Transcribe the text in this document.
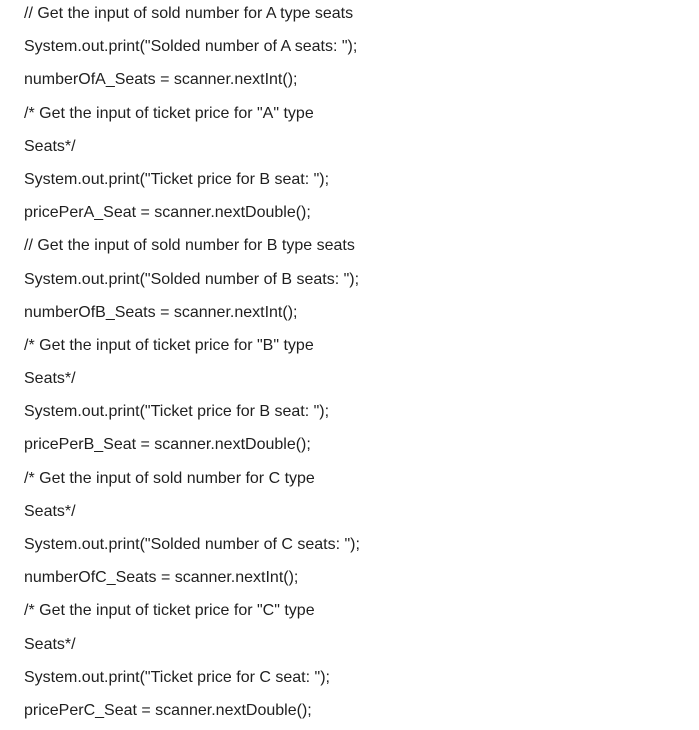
// Get the input of sold number for A type seats
System.out.print("Solded number of A seats: ");
numberOfA_Seats = scanner.nextInt();
/* Get the input of ticket price for "A" type
Seats*/
System.out.print("Ticket price for B seat: ");
pricePerA_Seat = scanner.nextDouble();
// Get the input of sold number for B type seats
System.out.print("Solded number of B seats: ");
numberOfB_Seats = scanner.nextInt();
/* Get the input of ticket price for "B" type
Seats*/
System.out.print("Ticket price for B seat: ");
pricePerB_Seat = scanner.nextDouble();
/* Get the input of sold number for C type
Seats*/
System.out.print("Solded number of C seats: ");
numberOfC_Seats = scanner.nextInt();
/* Get the input of ticket price for "C" type
Seats*/
System.out.print("Ticket price for C seat: ");
pricePerC_Seat = scanner.nextDouble();
